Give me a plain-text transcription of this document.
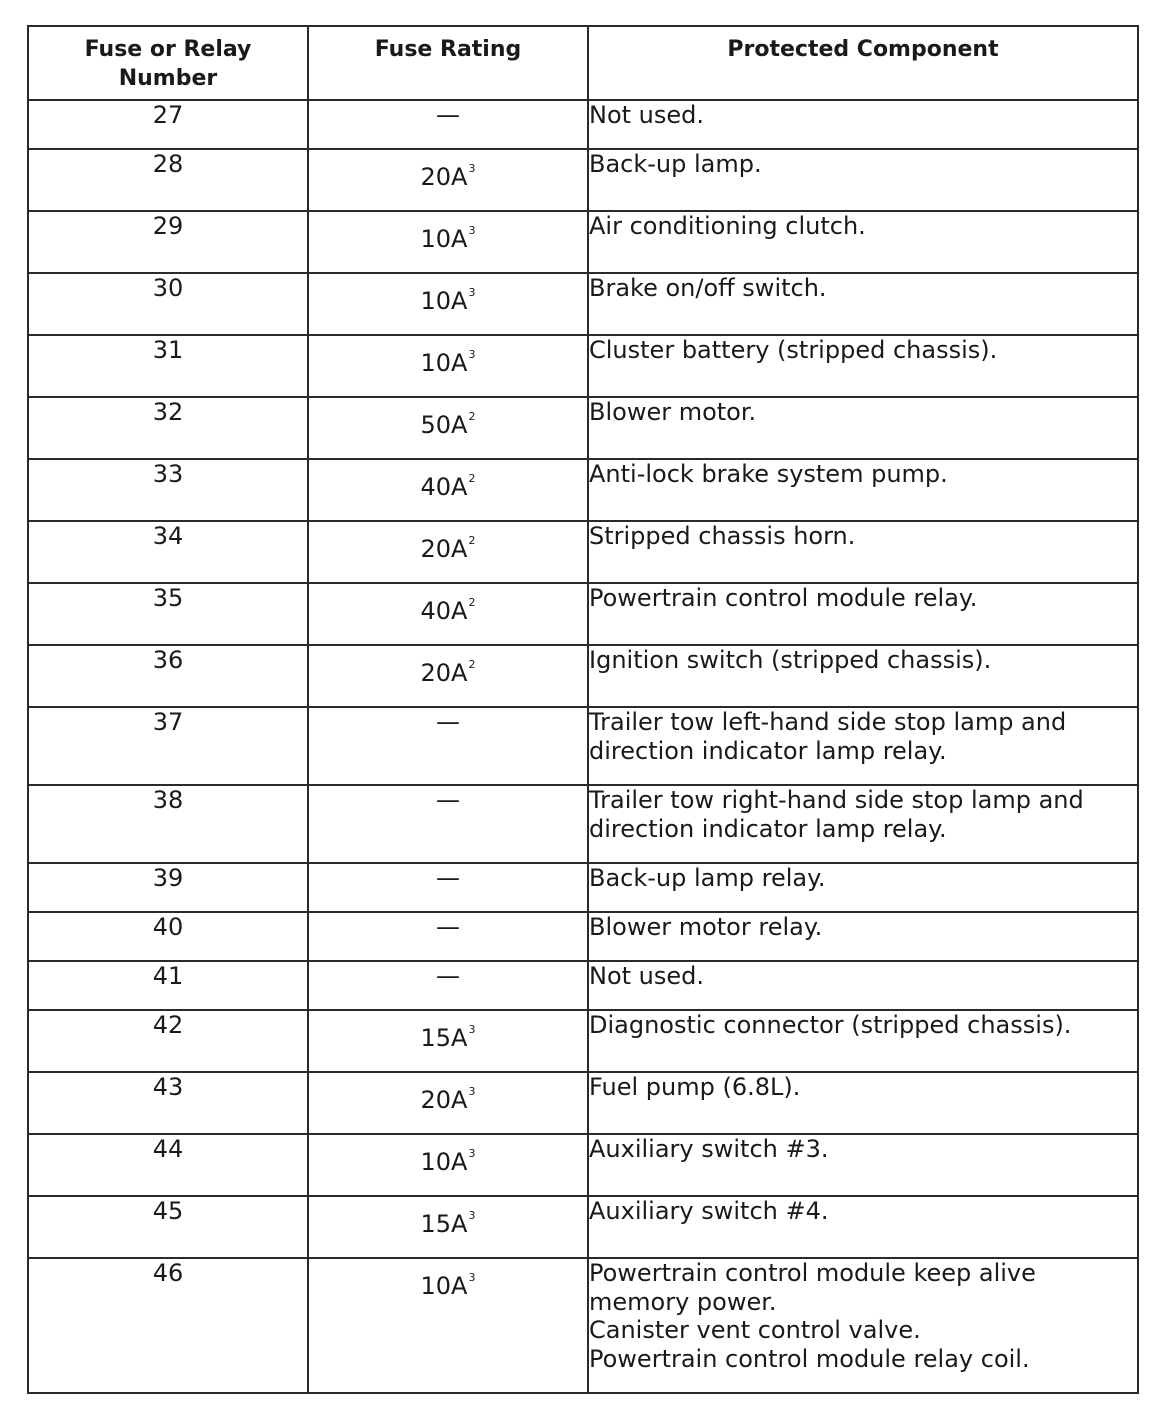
Fuse or Relay Number	Fuse Rating	Protected Component
27	—	Not used.

28	$20A^3$	Back-up lamp.

29	$10A^3$	Air conditioning clutch.

30	$10A^3$	Brake on/off switch.

31	$10A^3$	Cluster battery (stripped chassis).

32	$50A^2$	Blower motor.

33	$40A^2$	Anti-lock brake system pump.

34	$20A^2$	Stripped chassis horn.

35	$40A^2$	Powertrain control module relay.

36	$20A^2$	Ignition switch (stripped chassis).

37	—	Trailer tow left-hand side stop lamp and
direction indicator lamp relay.

38	—	Trailer tow right-hand side stop lamp and
direction indicator lamp relay.

39	—	Back-up lamp relay.

40	—	Blower motor relay.

41	—	Not used.

42	$15A^3$	Diagnostic connector (stripped chassis).

43	$20A^3$	Fuel pump (6.8L).

44	$10A^3$	Auxiliary switch #3.

45	$15A^3$	Auxiliary switch #4.

46	$10A^3$	Powertrain control module keep alive
memory power.
Canister vent control valve.
Powertrain control module relay coil.
